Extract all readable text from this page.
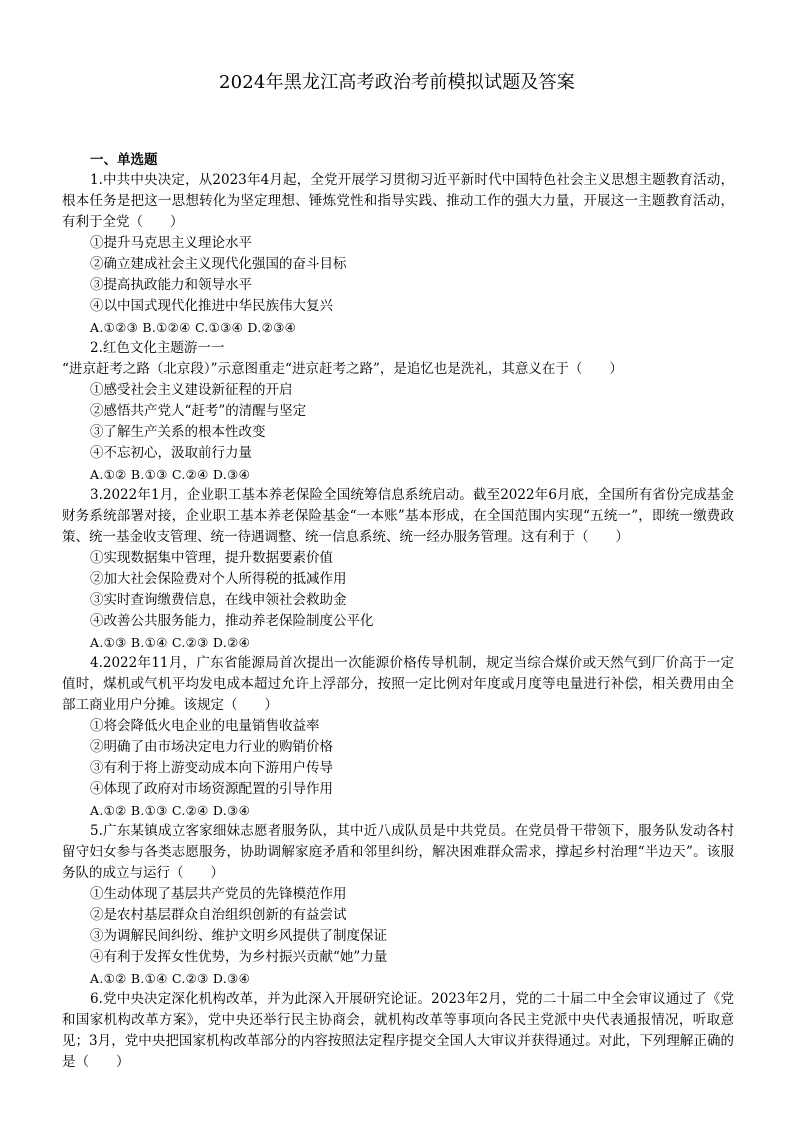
2024年黑龙江高考政治考前模拟试题及答案
一、单选题

1.中共中央决定，从2023年4月起，全党开展学习贯彻习近平新时代中国特色社会主义思想主题教育活动，根本任务是把这一思想转化为坚定理想、锤炼党性和指导实践、推动工作的强大力量，开展这一主题教育活动，有利于全党（　　）

①提升马克思主义理论水平

②确立建成社会主义现代化强国的奋斗目标

③提高执政能力和领导水平

④以中国式现代化推进中华民族伟大复兴

A.①②③ B.①②④ C.①③④ D.②③④

2.红色文化主题游一一

“进京赶考之路（北京段）”示意图重走“进京赶考之路”，是追忆也是洗礼，其意义在于（　　）

①感受社会主义建设新征程的开启

②感悟共产党人“赶考”的清醒与坚定

③了解生产关系的根本性改变

④不忘初心，汲取前行力量

A.①② B.①③ C.②④ D.③④

3.2022年1月，企业职工基本养老保险全国统筹信息系统启动。截至2022年6月底，全国所有省份完成基金财务系统部署对接，企业职工基本养老保险基金“一本账”基本形成，在全国范围内实现“五统一”，即统一缴费政策、统一基金收支管理、统一待遇调整、统一信息系统、统一经办服务管理。这有利于（　　）

①实现数据集中管理，提升数据要素价值

②加大社会保险费对个人所得税的抵减作用

③实时查询缴费信息，在线申领社会救助金

④改善公共服务能力，推动养老保险制度公平化

A.①③ B.①④ C.②③ D.②④

4.2022年11月，广东省能源局首次提出一次能源价格传导机制，规定当综合煤价或天然气到厂价高于一定值时，煤机或气机平均发电成本超过允许上浮部分，按照一定比例对年度或月度等电量进行补偿，相关费用由全部工商业用户分摊。该规定（　　）

①将会降低火电企业的电量销售收益率

②明确了由市场决定电力行业的购销价格

③有利于将上游变动成本向下游用户传导

④体现了政府对市场资源配置的引导作用

A.①② B.①③ C.②④ D.③④

5.广东某镇成立客家细妹志愿者服务队，其中近八成队员是中共党员。在党员骨干带领下，服务队发动各村留守妇女参与各类志愿服务，协助调解家庭矛盾和邻里纠纷，解决困难群众需求，撑起乡村治理“半边天”。该服务队的成立与运行（　　）

①生动体现了基层共产党员的先锋模范作用

②是农村基层群众自治组织创新的有益尝试

③为调解民间纠纷、维护文明乡风提供了制度保证

④有利于发挥女性优势，为乡村振兴贡献“她”力量

A.①② B.①④ C.②③ D.③④

6.党中央决定深化机构改革，并为此深入开展研究论证。2023年2月，党的二十届二中全会审议通过了《党和国家机构改革方案》，党中央还举行民主协商会，就机构改革等事项向各民主党派中央代表通报情况，听取意见；3月，党中央把国家机构改革部分的内容按照法定程序提交全国人大审议并获得通过。对此，下列理解正确的是（　　）
